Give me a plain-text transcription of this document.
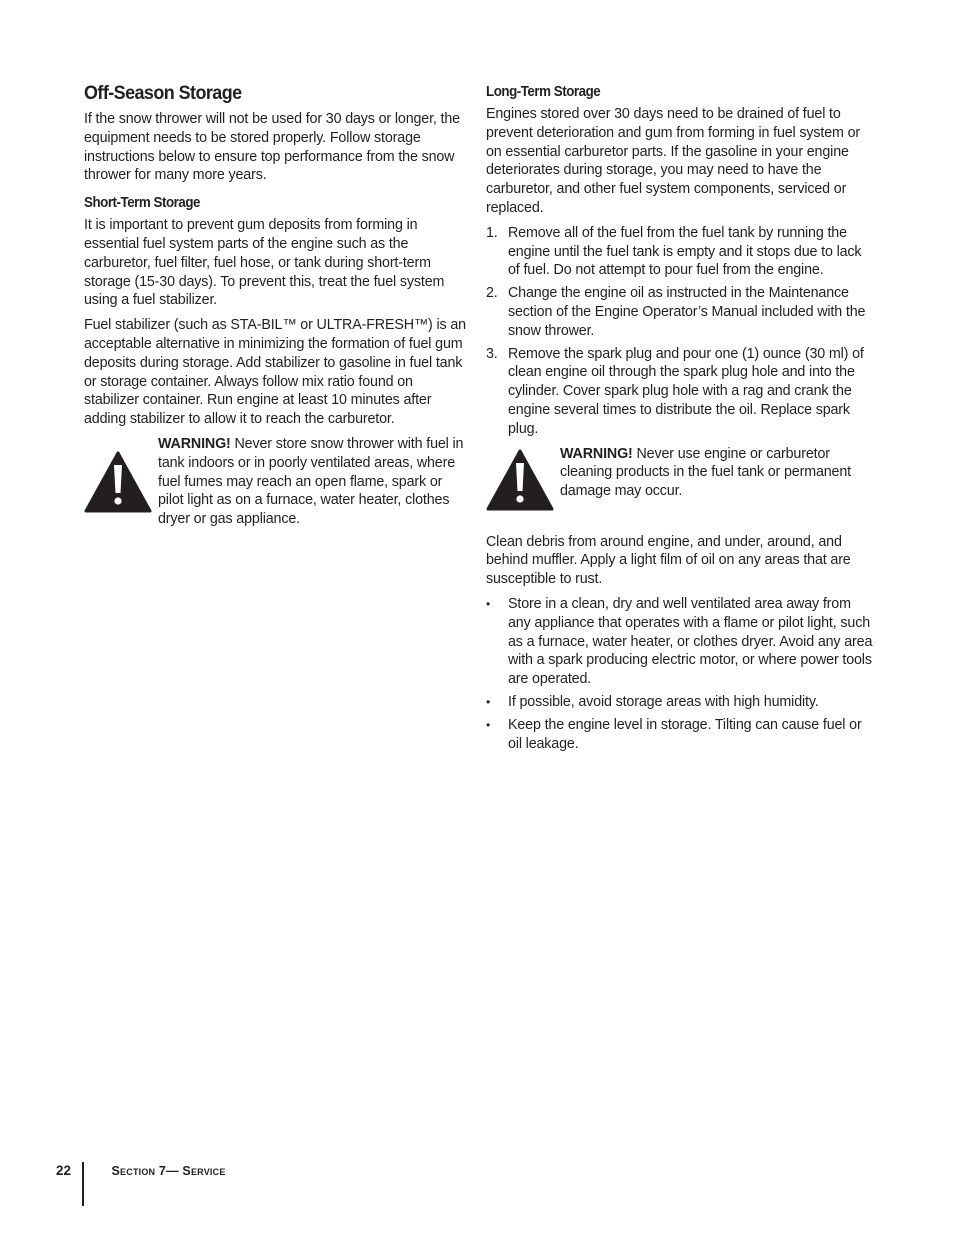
Off-Season Storage

If the snow thrower will not be used for 30 days or longer, the equipment needs to be stored properly. Follow storage instructions below to ensure top performance from the snow thrower for many more years.

Short-Term Storage

It is important to prevent gum deposits from forming in essential fuel system parts of the engine such as the carburetor, fuel filter, fuel hose, or tank during short-term storage (15-30 days). To prevent this, treat the fuel system using a fuel stabilizer.

Fuel stabilizer (such as STA-BIL™ or ULTRA-FRESH™) is an acceptable alternative in minimizing the formation of fuel gum deposits during storage. Add stabilizer to gasoline in fuel tank or storage container. Always follow mix ratio found on stabilizer container. Run engine at least 10 minutes after adding stabilizer to allow it to reach the carburetor.

WARNING! Never store snow thrower with fuel in tank indoors or in poorly ventilated areas, where fuel fumes may reach an open flame, spark or pilot light as on a furnace, water heater, clothes dryer or gas appliance.
Long-Term Storage

Engines stored over 30 days need to be drained of fuel to prevent deterioration and gum from forming in fuel system or on essential carburetor parts. If the gasoline in your engine deteriorates during storage, you may need to have the carburetor, and other fuel system components, serviced or replaced.

1. Remove all of the fuel from the fuel tank by running the engine until the fuel tank is empty and it stops due to lack of fuel. Do not attempt to pour fuel from the engine.
2. Change the engine oil as instructed in the Maintenance section of the Engine Operator’s Manual included with the snow thrower.
3. Remove the spark plug and pour one (1) ounce (30 ml) of clean engine oil through the spark plug hole and into the cylinder. Cover spark plug hole with a rag and crank the engine several times to distribute the oil. Replace spark plug.
WARNING! Never use engine or carburetor cleaning products in the fuel tank or permanent damage may occur.

Clean debris from around engine, and under, around, and behind muffler. Apply a light film of oil on any areas that are susceptible to rust.

• Store in a clean, dry and well ventilated area away from any appliance that operates with a flame or pilot light, such as a furnace, water heater, or clothes dryer. Avoid any area with a spark producing electric motor, or where power tools are operated.
• If possible, avoid storage areas with high humidity.
• Keep the engine level in storage. Tilting can cause fuel or oil leakage.
22	Section 7— Service
